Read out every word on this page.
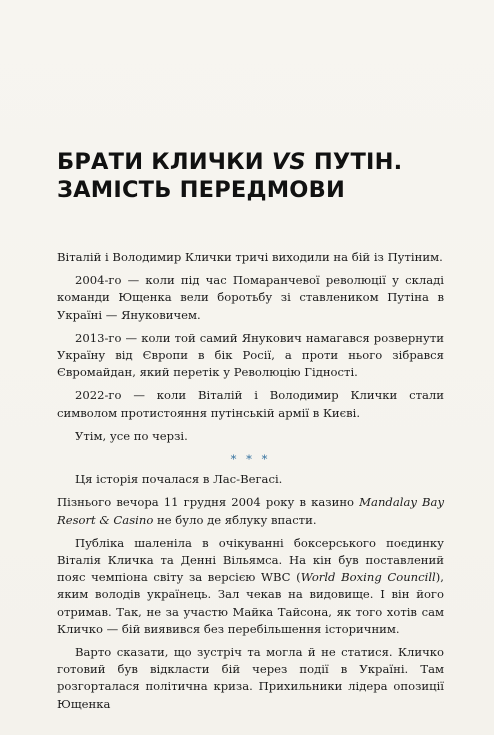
БРАТИ КЛИЧКИ VS ПУТІН.
ЗАМІСТЬ ПЕРЕДМОВИ

Віталій і Володимир Клички тричі виходили на бій із Путіним.

2004-го — коли під час Помаранчевої революції у складі команди Ющенка вели боротьбу зі ставлеником Путіна в Україні — Януковичем.

2013-го — коли той самий Янукович намагався розвернути Україну від Європи в бік Росії, а проти нього зібрався Євромайдан, який перетік у Революцію Гідності.

2022-го — коли Віталій і Володимир Клички стали символом протистояння путінській армії в Києві.

Утім, усе по черзі.

* * *

Ця історія почалася в Лас-Вегасі.

Пізнього вечора 11 грудня 2004 року в казино Mandalay Bay Resort & Casino не було де яблуку впасти.

Публіка шаленіла в очікуванні боксерського поєдинку Віталія Кличка та Денні Вільямса. На кін був поставлений пояс чемпіона світу за версією WBC (World Boxing Councill), яким володів українець. Зал чекав на видовище. І він його отримав. Так, не за участю Майка Тайсона, як того хотів сам Кличко — бій виявився без перебільшення історичним.

Варто сказати, що зустріч та могла й не статися. Кличко готовий був відкласти бій через події в Україні. Там розгорталася політична криза. Прихильники лідера опозиції Ющенка
